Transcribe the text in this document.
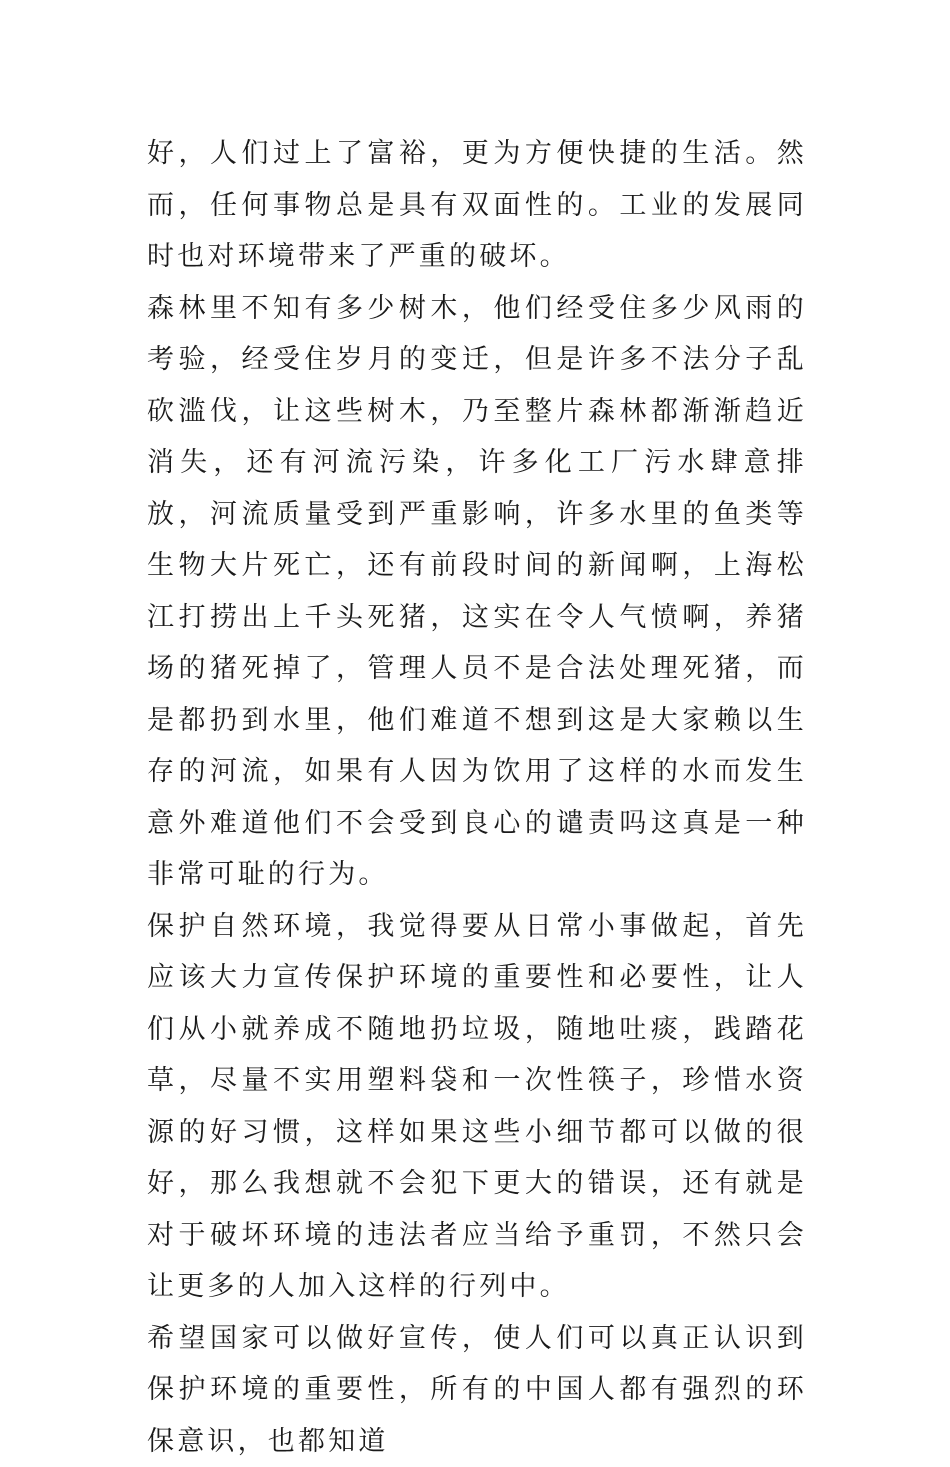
好，人们过上了富裕，更为方便快捷的生活。然而，任何事物总是具有双面性的。工业的发展同时也对环境带来了严重的破坏。

森林里不知有多少树木，他们经受住多少风雨的考验，经受住岁月的变迁，但是许多不法分子乱砍滥伐，让这些树木，乃至整片森林都渐渐趋近消失，还有河流污染，许多化工厂污水肆意排放，河流质量受到严重影响，许多水里的鱼类等生物大片死亡，还有前段时间的新闻啊，上海松江打捞出上千头死猪，这实在令人气愤啊，养猪场的猪死掉了，管理人员不是合法处理死猪，而是都扔到水里，他们难道不想到这是大家赖以生存的河流，如果有人因为饮用了这样的水而发生意外难道他们不会受到良心的谴责吗这真是一种非常可耻的行为。

保护自然环境，我觉得要从日常小事做起，首先应该大力宣传保护环境的重要性和必要性，让人们从小就养成不随地扔垃圾，随地吐痰，践踏花草，尽量不实用塑料袋和一次性筷子，珍惜水资源的好习惯，这样如果这些小细节都可以做的很好，那么我想就不会犯下更大的错误，还有就是对于破坏环境的违法者应当给予重罚，不然只会让更多的人加入这样的行列中。

希望国家可以做好宣传，使人们可以真正认识到保护环境的重要性，所有的中国人都有强烈的环保意识，也都知道
